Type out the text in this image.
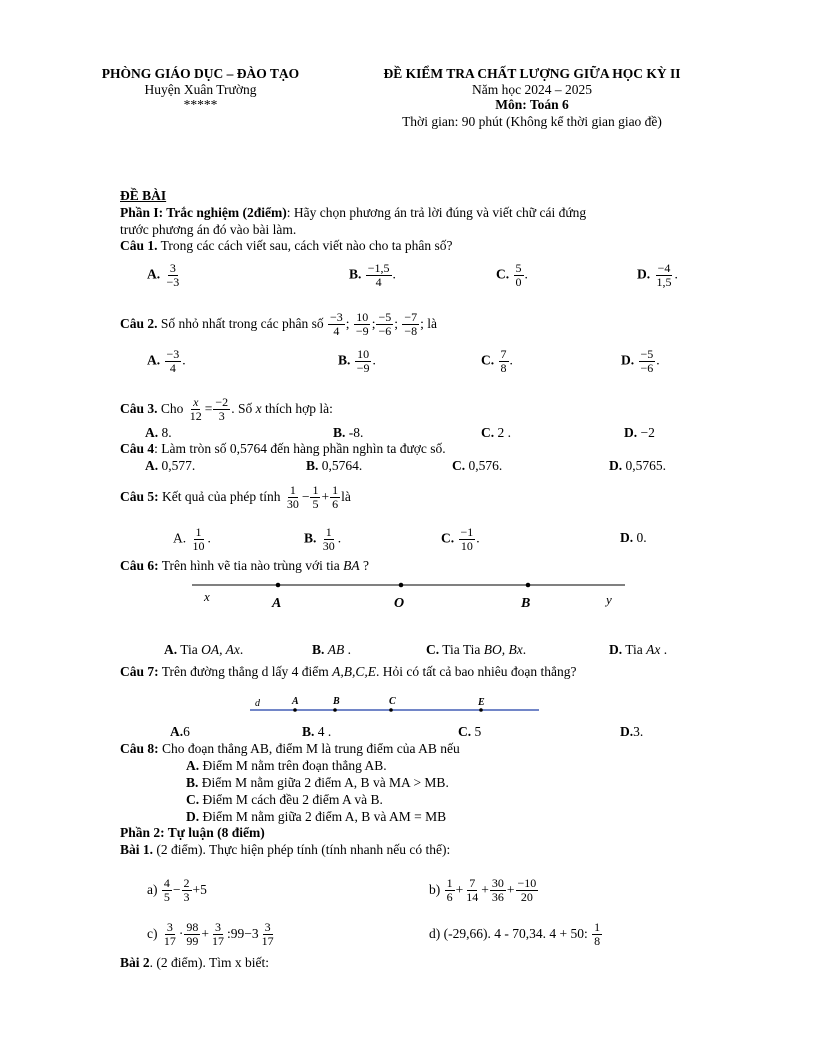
PHÒNG GIÁO DỤC – ĐÀO TẠO
Huyện Xuân Trường
*****
ĐỀ KIỂM TRA CHẤT LƯỢNG GIỮA HỌC KỲ II
Năm học 2024 – 2025
Môn: Toán 6
Thời gian: 90 phút (Không kể thời gian giao đề)
ĐỀ BÀI
Phần I: Trắc nghiệm (2điểm): Hãy chọn phương án trả lời đúng và viết chữ cái đứng
trước phương án đó vào bài làm.
Câu 1. Trong các cách viết sau, cách viết nào cho ta phân số?
A. $\frac{3}{-3}$	B. $\frac{-1,5}{4}$ .	C. $\frac{5}{0}$ .	D. $\frac{-4}{1,5}$ .
Câu 2. Số nhỏ nhất trong các phân số $\frac{-3}{4}$ ; $\frac{10}{-9}$ ; $\frac{-5}{-6}$ ; $\frac{-7}{-8}$ ; là
A. $\frac{-3}{4}$ .	B. $\frac{10}{-9}$ .	C. $\frac{7}{8}$ .	D. $\frac{-5}{-6}$ .
Câu 3. Cho $\frac{x}{12} = \frac{-2}{3}$ . Số x thích hợp là:
A. 8.	B. -8.	C. 2 .	D. −2
Câu 4: Làm tròn số 0,5764 đến hàng phần nghìn ta được số.
A. 0,577.	B. 0,5764.	C. 0,576.	D. 0,5765.
Câu 5: Kết quả của phép tính $\frac{1}{30} - \frac{1}{5} + \frac{1}{6}$ là
A. $\frac{1}{10}$ .	B. $\frac{1}{30}$ .	C. $\frac{-1}{10}$ .	D. 0.
Câu 6: Trên hình vẽ tia nào trùng với tia BA ?
x	A	O	B	y
A. Tia OA, Ax.	B. AB .	C. Tia Tia BO, Bx.	D. Tia Ax .
Câu 7: Trên đường thẳng d lấy 4 điểm A,B,C,E. Hỏi có tất cả bao nhiêu đoạn thẳng?
d	A	B	C	E
A.6	B. 4 .	C. 5	D.3.
Câu 8: Cho đoạn thẳng AB, điểm M là trung điểm của AB nếu
A. Điểm M nằm trên đoạn thẳng AB.
B. Điểm M nằm giữa 2 điểm A, B và MA > MB.
C. Điểm M cách đều 2 điểm A và B.
D. Điểm M nằm giữa 2 điểm A, B và AM = MB
Phần 2: Tự luận (8 điểm)
Bài 1. (2 điểm). Thực hiện phép tính (tính nhanh nếu có thể):
$a) \frac{4}{5} - \frac{2}{3} +5$	$b) \frac{1}{6} + \frac{7}{14} + \frac{30}{36} + \frac{-10}{20}$
$c) \frac{3}{17} \cdot \frac{98}{99} + \frac{3}{17}$ :99−3 $\frac{3}{17}$	d) (-29,66). 4 - 70,34. 4 + 50: $\frac{1}{8}$
Bài 2. (2 điểm). Tìm x biết:
